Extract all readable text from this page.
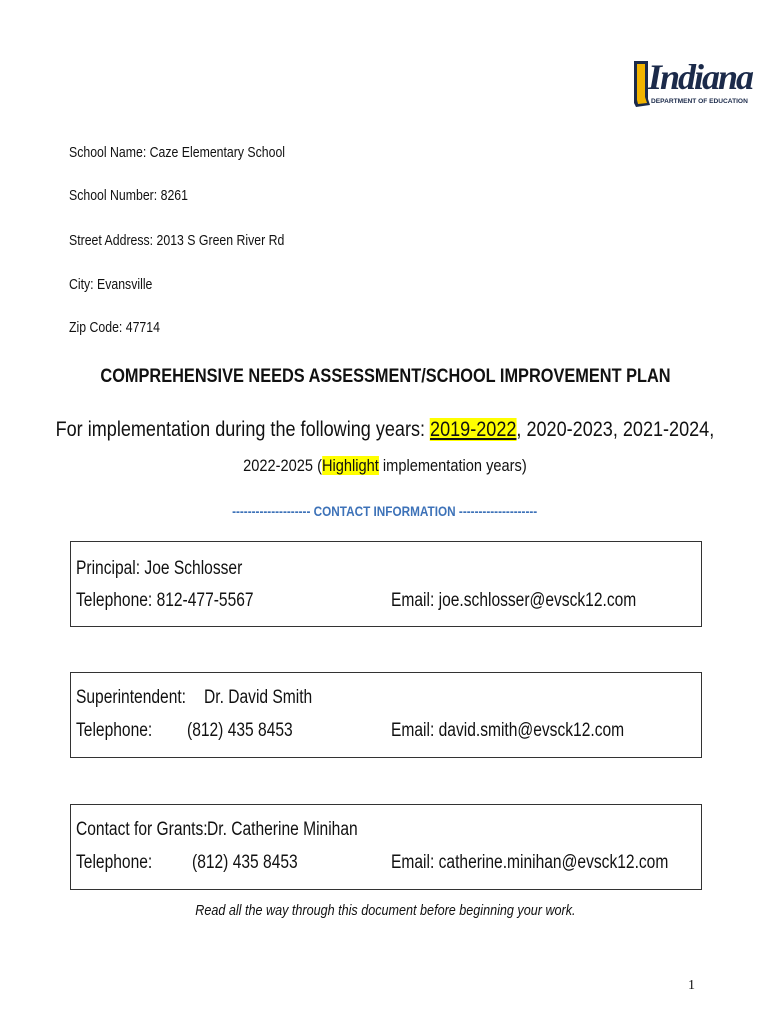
Indiana
DEPARTMENT OF EDUCATION
School Name: Caze Elementary School
School Number: 8261
Street Address: 2013 S Green River Rd
City: Evansville
Zip Code: 47714
COMPREHENSIVE NEEDS ASSESSMENT/SCHOOL IMPROVEMENT PLAN
For implementation during the following years: 2019-2022, 2020-2023, 2021-2024,
2022-2025 (Highlight implementation years)
-------------------- CONTACT INFORMATION --------------------
Principal: Joe Schlosser
Telephone: 812-477-5567	Email: joe.schlosser@evsck12.com
Superintendent: Dr. David Smith
Telephone: (812) 435 8453	Email: david.smith@evsck12.com
Contact for Grants: Dr. Catherine Minihan
Telephone: (812) 435 8453	Email: catherine.minihan@evsck12.com
Read all the way through this document before beginning your work.
1
